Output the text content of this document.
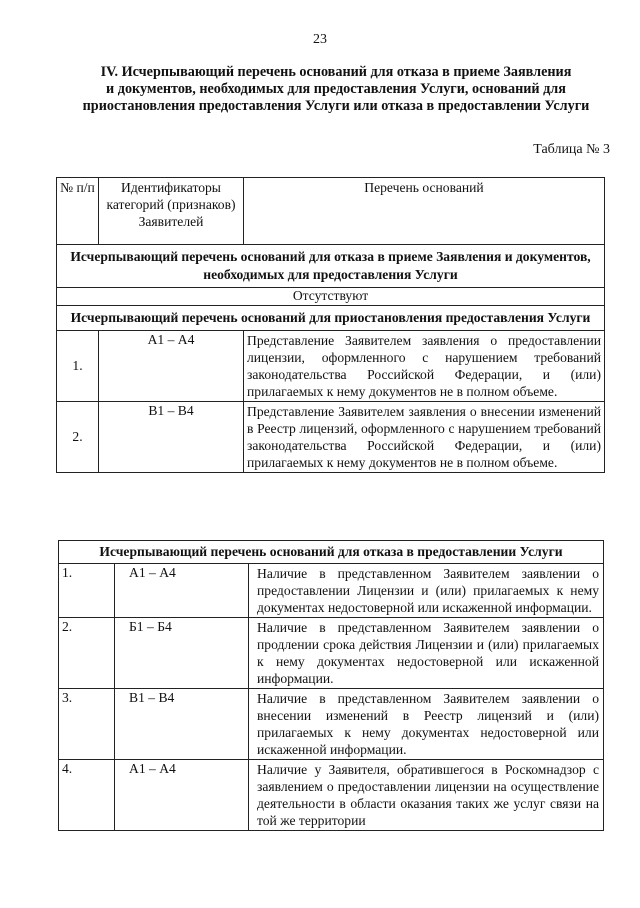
23
IV. Исчерпывающий перечень оснований для отказа в приеме Заявления
и документов, необходимых для предоставления Услуги, оснований для
приостановления предоставления Услуги или отказа в предоставлении Услуги
Таблица № 3
№ п/п	Идентификаторы категорий (признаков) Заявителей	Перечень оснований
Исчерпывающий перечень оснований для отказа в приеме Заявления и документов, необходимых для предоставления Услуги		
Отсутствуют		
Исчерпывающий перечень оснований для приостановления предоставления Услуги		
1.	А1 – А4	Представление Заявителем заявления о предоставлении лицензии, оформленного с нарушением требований законодательства Российской Федерации, и (или) прилагаемых к нему документов не в полном объеме.
2.	В1 – В4	Представление Заявителем заявления о внесении изменений в Реестр лицензий, оформленного с нарушением требований законодательства Российской Федерации, и (или) прилагаемых к нему документов не в полном объеме.
Исчерпывающий перечень оснований для отказа в предоставлении Услуги		
1.	А1 – А4	Наличие в представленном Заявителем заявлении о предоставлении Лицензии и (или) прилагаемых к нему документах недостоверной или искаженной информации.
2.	Б1 – Б4	Наличие в представленном Заявителем заявлении о продлении срока действия Лицензии и (или) прилагаемых к нему документах недостоверной или искаженной информации.
3.	В1 – В4	Наличие в представленном Заявителем заявлении о внесении изменений в Реестр лицензий и (или) прилагаемых к нему документах недостоверной или искаженной информации.
4.	А1 – А4	Наличие у Заявителя, обратившегося в Роскомнадзор с заявлением о предоставлении лицензии на осуществление деятельности в области оказания таких же услуг связи на той же территории
